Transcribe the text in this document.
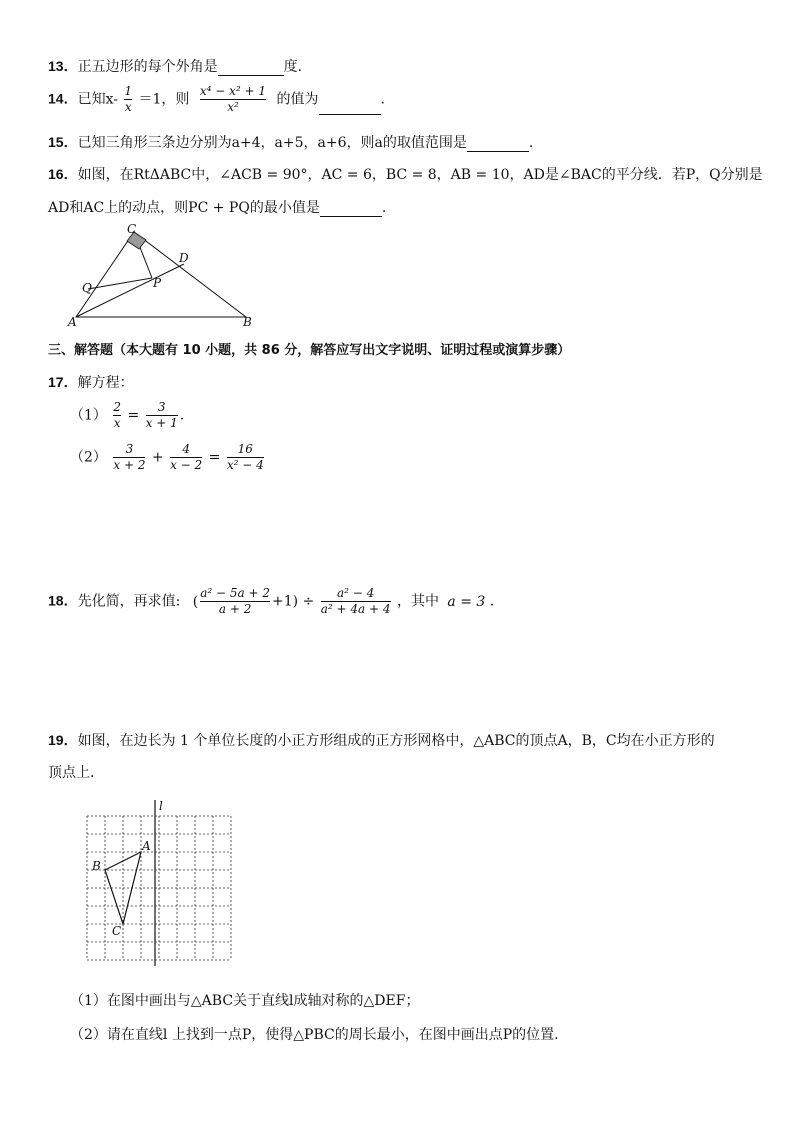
13．正五边形的每个外角是	度.
14．已知$x- \frac{1}{x} =1$，则 $\frac{\text{x⁴ − x² + 1}}{\text{x²}}$ 的值为	.
15．已知三角形三条边分别为a+4，a+5，a+6，则a的取值范围是	.
16．如图，在RtΔABC中，∠ACB = 90°，AC = 6，BC = 8，AB = 10，AD是∠BAC的平分线．若P，Q分别是
AD和AC上的动点，则PC + PQ的最小值是	.
C
D
Q	P
A	B
三、解答题（本大题有 10 小题，共 86 分，解答应写出文字说明、证明过程或演算步骤）
17．解方程：
$(1) \frac{2}{x} = \frac{3}{x + 1}$ .
$(2) \frac{3}{x + 2} + \frac{4}{x - 2} = \frac{16}{\text{x² − 4}}$
18．先化简，再求值: ( $\frac{\text{a² − 5a + 2}}{a + 2} +1) \div \frac{\text{a² − 4}}{\text{a² + 4a + 4}}$ ，其中 a = 3 .
19．如图，在边长为 1 个单位长度的小正方形组成的正方形网格中，△ABC的顶点A，B，C均在小正方形的
顶点上．
l
A
B
C
（1）在图中画出与△ABC关于直线l成轴对称的△DEF；
（2）请在直线l 上找到一点P，使得△PBC的周长最小，在图中画出点P的位置．
